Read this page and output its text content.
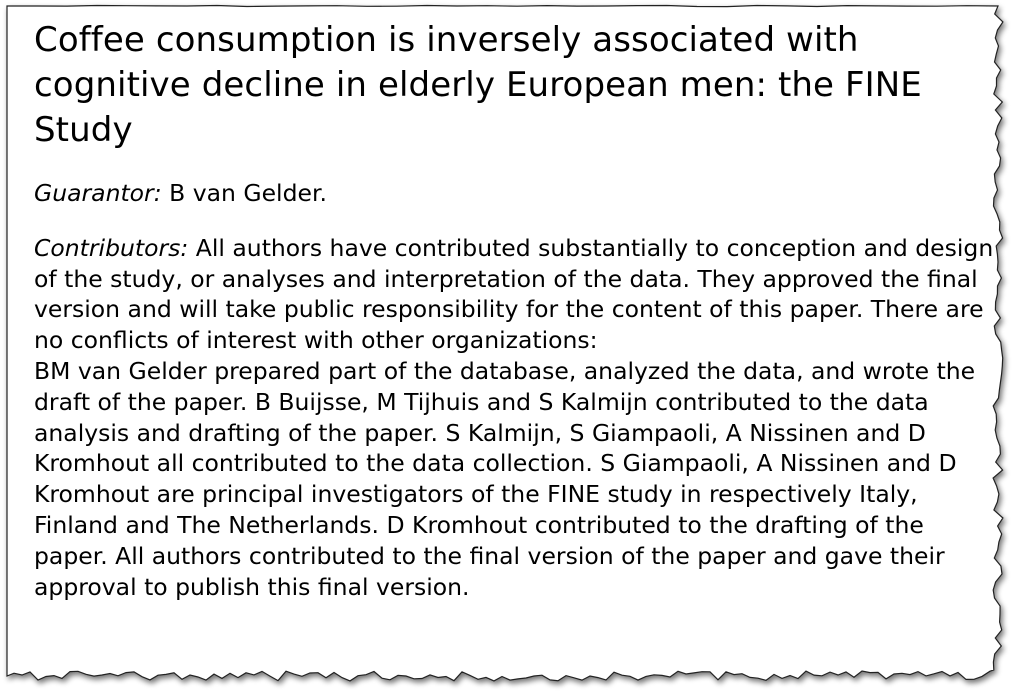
Coffee consumption is inversely associated with cognitive decline in elderly European men: the FINE Study

Guarantor: B van Gelder.

Contributors: All authors have contributed substantially to conception and design of the study, or analyses and interpretation of the data. They approved the final version and will take public responsibility for the content of this paper. There are no conflicts of interest with other organizations:

BM van Gelder prepared part of the database, analyzed the data, and wrote the draft of the paper. B Buijsse, M Tijhuis and S Kalmijn contributed to the data analysis and drafting of the paper. S Kalmijn, S Giampaoli, A Nissinen and D Kromhout all contributed to the data collection. S Giampaoli, A Nissinen and D Kromhout are principal investigators of the FINE study in respectively Italy, Finland and The Netherlands. D Kromhout contributed to the drafting of the paper. All authors contributed to the final version of the paper and gave their approval to publish this final version.
